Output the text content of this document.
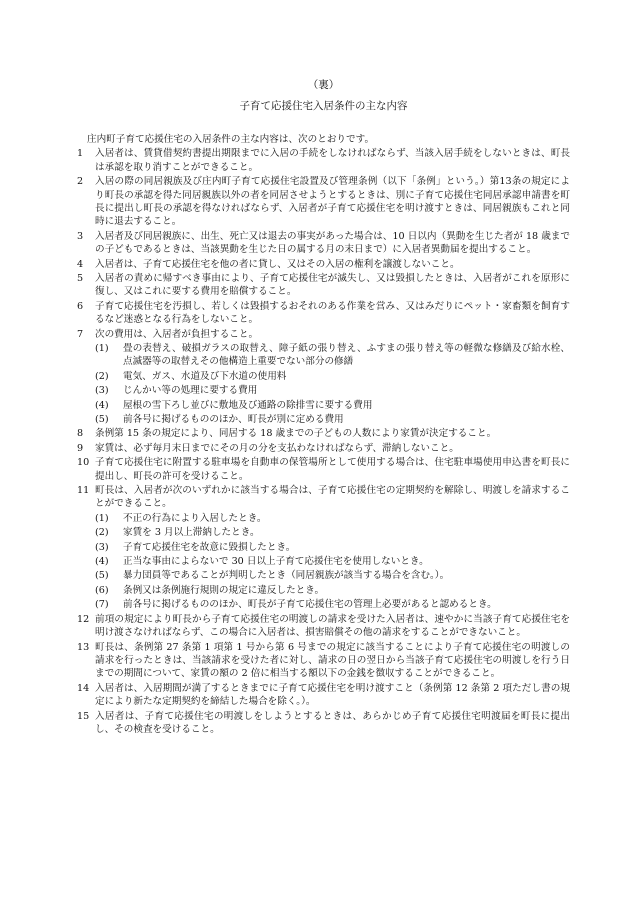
（裏）
子育て応援住宅入居条件の主な内容
庄内町子育て応援住宅の入居条件の主な内容は、次のとおりです。
1	入居者は、賃貸借契約書提出期限までに入居の手続をしなければならず、当該入居手続をしないときは、町長は承認を取り消すことができること。
2	入居の際の同居親族及び庄内町子育て応援住宅設置及び管理条例（以下「条例」という。）第13条の規定により町長の承認を得た同居親族以外の者を同居させようとするときは、別に子育て応援住宅同居承認申請書を町長に提出し町長の承認を得なければならず、入居者が子育て応援住宅を明け渡すときは、同居親族もこれと同時に退去すること。
3	入居者及び同居親族に、出生、死亡又は退去の事実があった場合は、10 日以内（異動を生じた者が 18 歳までの子どもであるときは、当該異動を生じた日の属する月の末日まで）に入居者異動届を提出すること。
4	入居者は、子育て応援住宅を他の者に貸し、又はその入居の権利を譲渡しないこと。
5	入居者の責めに帰すべき事由により、子育て応援住宅が滅失し、又は毀損したときは、入居者がこれを原形に復し、又はこれに要する費用を賠償すること。
6	子育て応援住宅を汚損し、若しくは毀損するおそれのある作業を営み、又はみだりにペット・家畜類を飼育するなど迷惑となる行為をしないこと。
7	次の費用は、入居者が負担すること。
(1)	畳の表替え、破損ガラスの取替え、障子紙の張り替え、ふすまの張り替え等の軽微な修繕及び給水栓、点滅器等の取替えその他構造上重要でない部分の修繕
(2)	電気、ガス、水道及び下水道の使用料
(3)	じんかい等の処理に要する費用
(4)	屋根の雪下ろし並びに敷地及び通路の除排雪に要する費用
(5)	前各号に掲げるもののほか、町長が別に定める費用
8	条例第 15 条の規定により、同居する 18 歳までの子どもの人数により家賃が決定すること。
9	家賃は、必ず毎月末日までにその月の分を支払わなければならず、滞納しないこと。
10 子育て応援住宅に附置する駐車場を自動車の保管場所として使用する場合は、住宅駐車場使用申込書を町長に提出し、町長の許可を受けること。
11 町長は、入居者が次のいずれかに該当する場合は、子育て応援住宅の定期契約を解除し、明渡しを請求することができること。
(1)	不正の行為により入居したとき。
(2)	家賃を 3 月以上滞納したとき。
(3)	子育て応援住宅を故意に毀損したとき。
(4)	正当な事由によらないで 30 日以上子育て応援住宅を使用しないとき。
(5)	暴力団員等であることが判明したとき（同居親族が該当する場合を含む。）。
(6)	条例又は条例施行規則の規定に違反したとき。
(7)	前各号に掲げるもののほか、町長が子育て応援住宅の管理上必要があると認めるとき。
12 前項の規定により町長から子育て応援住宅の明渡しの請求を受けた入居者は、速やかに当該子育て応援住宅を明け渡さなければならず、この場合に入居者は、損害賠償その他の請求をすることができないこと。
13 町長は、条例第 27 条第 1 項第 1 号から第 6 号までの規定に該当することにより子育て応援住宅の明渡しの請求を行ったときは、当該請求を受けた者に対し、請求の日の翌日から当該子育て応援住宅の明渡しを行う日までの期間について、家賃の額の 2 倍に相当する額以下の金銭を徴収することができること。
14 入居者は、入居期間が満了するときまでに子育て応援住宅を明け渡すこと（条例第 12 条第 2 項ただし書の規定により新たな定期契約を締結した場合を除く。）。
15 入居者は、子育て応援住宅の明渡しをしようとするときは、あらかじめ子育て応援住宅明渡届を町長に提出し、その検査を受けること。
